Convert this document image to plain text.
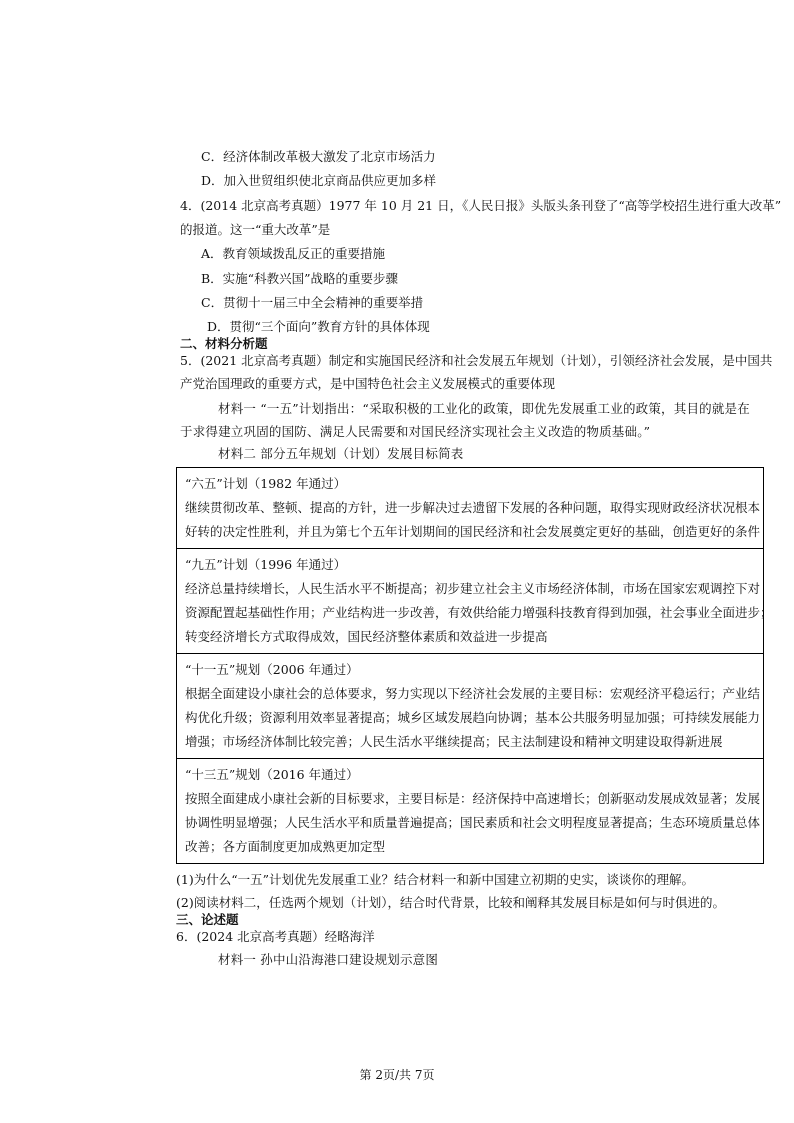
C．经济体制改革极大激发了北京市场活力
D．加入世贸组织使北京商品供应更加多样
4．(2014 北京高考真题）1977 年 10 月 21 日，《人民日报》头版头条刊登了“高等学校招生进行重大改革”
的报道。这一“重大改革”是
A．教育领域拨乱反正的重要措施
B．实施“科教兴国”战略的重要步骤
C．贯彻十一届三中全会精神的重要举措
D．贯彻“三个面向”教育方针的具体体现
二、材料分析题
5．(2021 北京高考真题）制定和实施国民经济和社会发展五年规划（计划），引领经济社会发展，是中国共
产党治国理政的重要方式，是中国特色社会主义发展模式的重要体现
材料一 “一五”计划指出：“采取积极的工业化的政策，即优先发展重工业的政策，其目的就是在
于求得建立巩固的国防、满足人民需要和对国民经济实现社会主义改造的物质基础。”
材料二 部分五年规划（计划）发展目标简表
“六五”计划（1982 年通过）
继续贯彻改革、整顿、提高的方针，进一步解决过去遗留下发展的各种问题，取得实现财政经济状况根本
好转的决定性胜利，并且为第七个五年计划期间的国民经济和社会发展奠定更好的基础，创造更好的条件
“九五”计划（1996 年通过）
经济总量持续增长，人民生活水平不断提高；初步建立社会主义市场经济体制，市场在国家宏观调控下对
资源配置起基础性作用；产业结构进一步改善，有效供给能力增强科技教育得到加强，社会事业全面进步；
转变经济增长方式取得成效，国民经济整体素质和效益进一步提高
“十一五”规划（2006 年通过）
根据全面建设小康社会的总体要求，努力实现以下经济社会发展的主要目标：宏观经济平稳运行；产业结
构优化升级；资源利用效率显著提高；城乡区域发展趋向协调；基本公共服务明显加强；可持续发展能力
增强；市场经济体制比较完善；人民生活水平继续提高；民主法制建设和精神文明建设取得新进展
“十三五”规划（2016 年通过）
按照全面建成小康社会新的目标要求，主要目标是：经济保持中高速增长；创新驱动发展成效显著；发展
协调性明显增强；人民生活水平和质量普遍提高；国民素质和社会文明程度显著提高；生态环境质量总体
改善；各方面制度更加成熟更加定型
(1)为什么“一五”计划优先发展重工业？结合材料一和新中国建立初期的史实，谈谈你的理解。
(2)阅读材料二，任选两个规划（计划），结合时代背景，比较和阐释其发展目标是如何与时俱进的。
三、论述题
6．(2024 北京高考真题）经略海洋
材料一 孙中山沿海港口建设规划示意图
第 2页/共 7页
